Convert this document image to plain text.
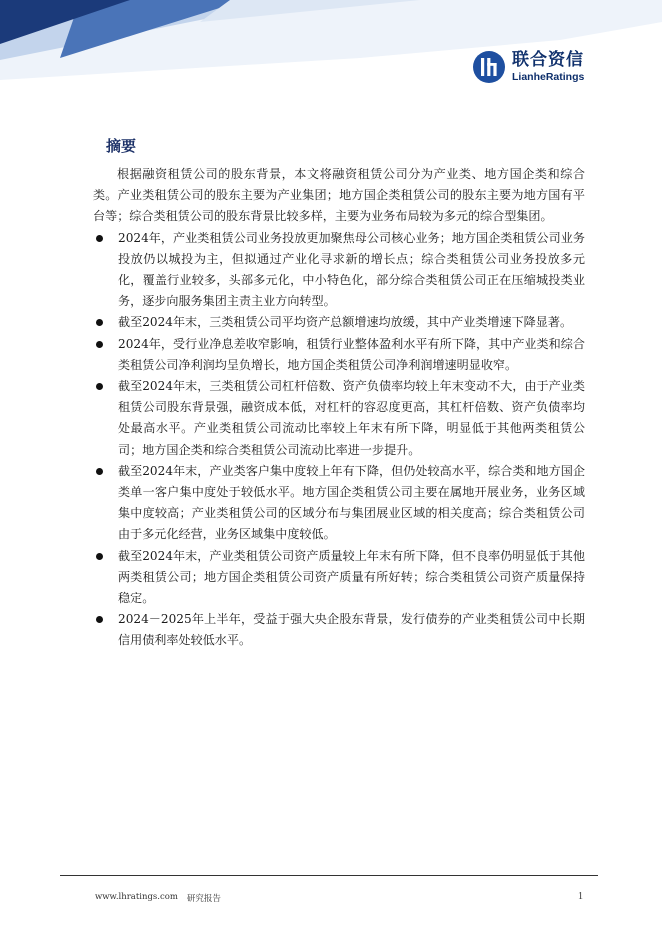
联合资信
LianheRatings
摘要

根据融资租赁公司的股东背景，本文将融资租赁公司分为产业类、地方国企类和综合类。产业类租赁公司的股东主要为产业集团；地方国企类租赁公司的股东主要为地方国有平台等；综合类租赁公司的股东背景比较多样，主要为业务布局较为多元的综合型集团。

2024年，产业类租赁公司业务投放更加聚焦母公司核心业务；地方国企类租赁公司业务投放仍以城投为主，但拟通过产业化寻求新的增长点；综合类租赁公司业务投放多元化，覆盖行业较多，头部多元化，中小特色化，部分综合类租赁公司正在压缩城投类业务，逐步向服务集团主责主业方向转型。
截至2024年末，三类租赁公司平均资产总额增速均放缓，其中产业类增速下降显著。
2024年，受行业净息差收窄影响，租赁行业整体盈利水平有所下降，其中产业类和综合类租赁公司净利润均呈负增长，地方国企类租赁公司净利润增速明显收窄。
截至2024年末，三类租赁公司杠杆倍数、资产负债率均较上年末变动不大，由于产业类租赁公司股东背景强，融资成本低，对杠杆的容忍度更高，其杠杆倍数、资产负债率均处最高水平。产业类租赁公司流动比率较上年末有所下降，明显低于其他两类租赁公司；地方国企类和综合类租赁公司流动比率进一步提升。
截至2024年末，产业类客户集中度较上年有下降，但仍处较高水平，综合类和地方国企类单一客户集中度处于较低水平。地方国企类租赁公司主要在属地开展业务，业务区域集中度较高；产业类租赁公司的区域分布与集团展业区域的相关度高；综合类租赁公司由于多元化经营，业务区域集中度较低。
截至2024年末，产业类租赁公司资产质量较上年末有所下降，但不良率仍明显低于其他两类租赁公司；地方国企类租赁公司资产质量有所好转；综合类租赁公司资产质量保持稳定。
2024－2025年上半年，受益于强大央企股东背景，发行债券的产业类租赁公司中长期信用债利率处较低水平。
www.lhratings.com 研究报告	1
